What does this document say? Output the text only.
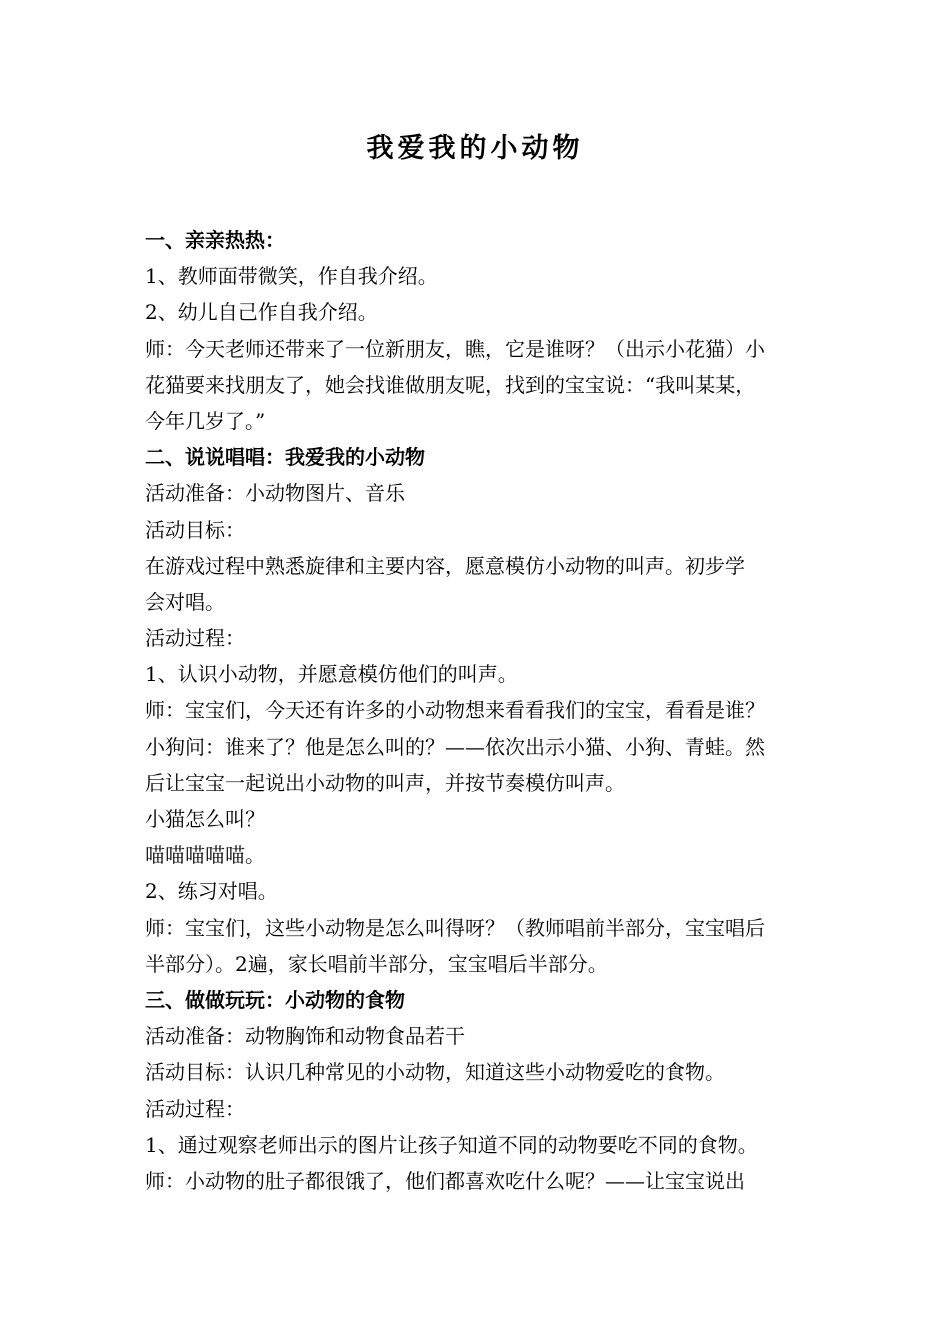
我爱我的小动物
一、亲亲热热：
1、教师面带微笑，作自我介绍。
2、幼儿自己作自我介绍。
师：今天老师还带来了一位新朋友，瞧，它是谁呀？（出示小花猫）小
花猫要来找朋友了，她会找谁做朋友呢，找到的宝宝说：“我叫某某，
今年几岁了。”
二、说说唱唱：我爱我的小动物
活动准备：小动物图片、音乐
活动目标：
在游戏过程中熟悉旋律和主要内容，愿意模仿小动物的叫声。初步学
会对唱。
活动过程：
1、认识小动物，并愿意模仿他们的叫声。
师：宝宝们，今天还有许多的小动物想来看看我们的宝宝，看看是谁？
小狗问：谁来了？他是怎么叫的？——依次出示小猫、小狗、青蛙。然
后让宝宝一起说出小动物的叫声，并按节奏模仿叫声。
小猫怎么叫？
喵喵喵喵喵。
2、练习对唱。
师：宝宝们，这些小动物是怎么叫得呀？（教师唱前半部分，宝宝唱后
半部分）。2遍，家长唱前半部分，宝宝唱后半部分。
三、做做玩玩：小动物的食物
活动准备：动物胸饰和动物食品若干
活动目标：认识几种常见的小动物，知道这些小动物爱吃的食物。
活动过程：
1、通过观察老师出示的图片让孩子知道不同的动物要吃不同的食物。
师：小动物的肚子都很饿了，他们都喜欢吃什么呢？——让宝宝说出
